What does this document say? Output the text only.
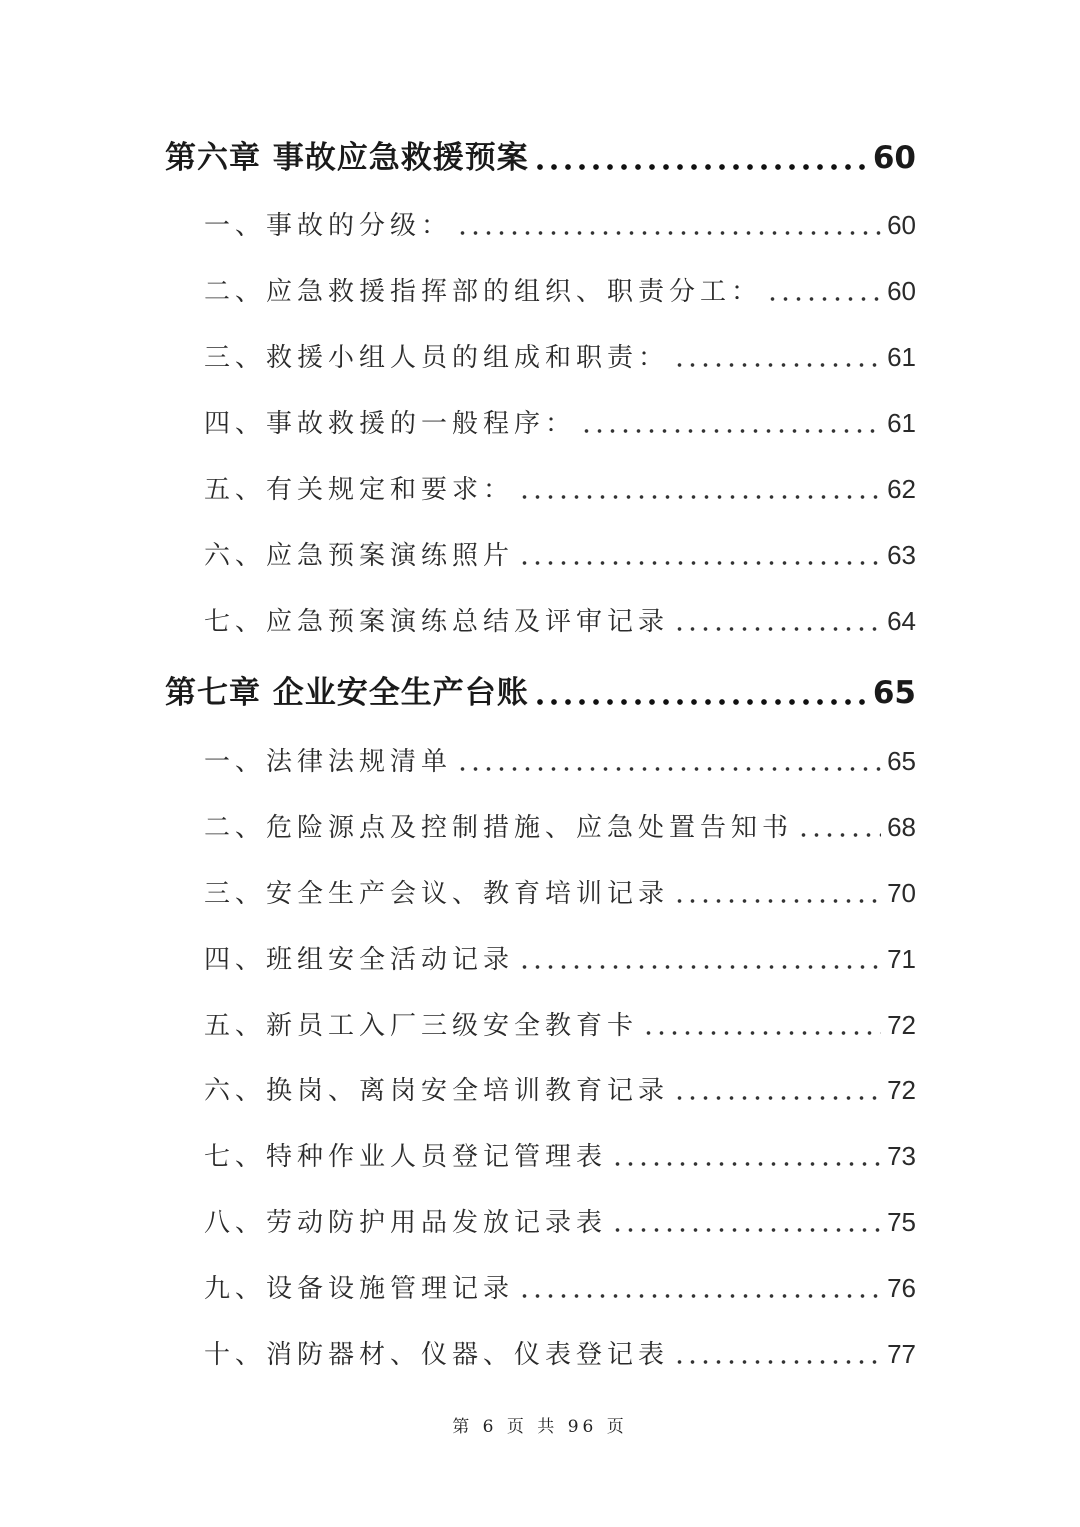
第六章 事故应急救援预案	60
一、事故的分级：	60
二、应急救援指挥部的组织、职责分工：	60
三、救援小组人员的组成和职责：	61
四、事故救援的一般程序：	61
五、有关规定和要求：	62
六、应急预案演练照片	63
七、应急预案演练总结及评审记录	64
第七章 企业安全生产台账	65
一、法律法规清单	65
二、危险源点及控制措施、应急处置告知书	68
三、安全生产会议、教育培训记录	70
四、班组安全活动记录	71
五、新员工入厂三级安全教育卡	72
六、换岗、离岗安全培训教育记录	72
七、特种作业人员登记管理表	73
八、劳动防护用品发放记录表	75
九、设备设施管理记录	76
十、消防器材、仪器、仪表登记表	77
第 6 页 共 96 页
